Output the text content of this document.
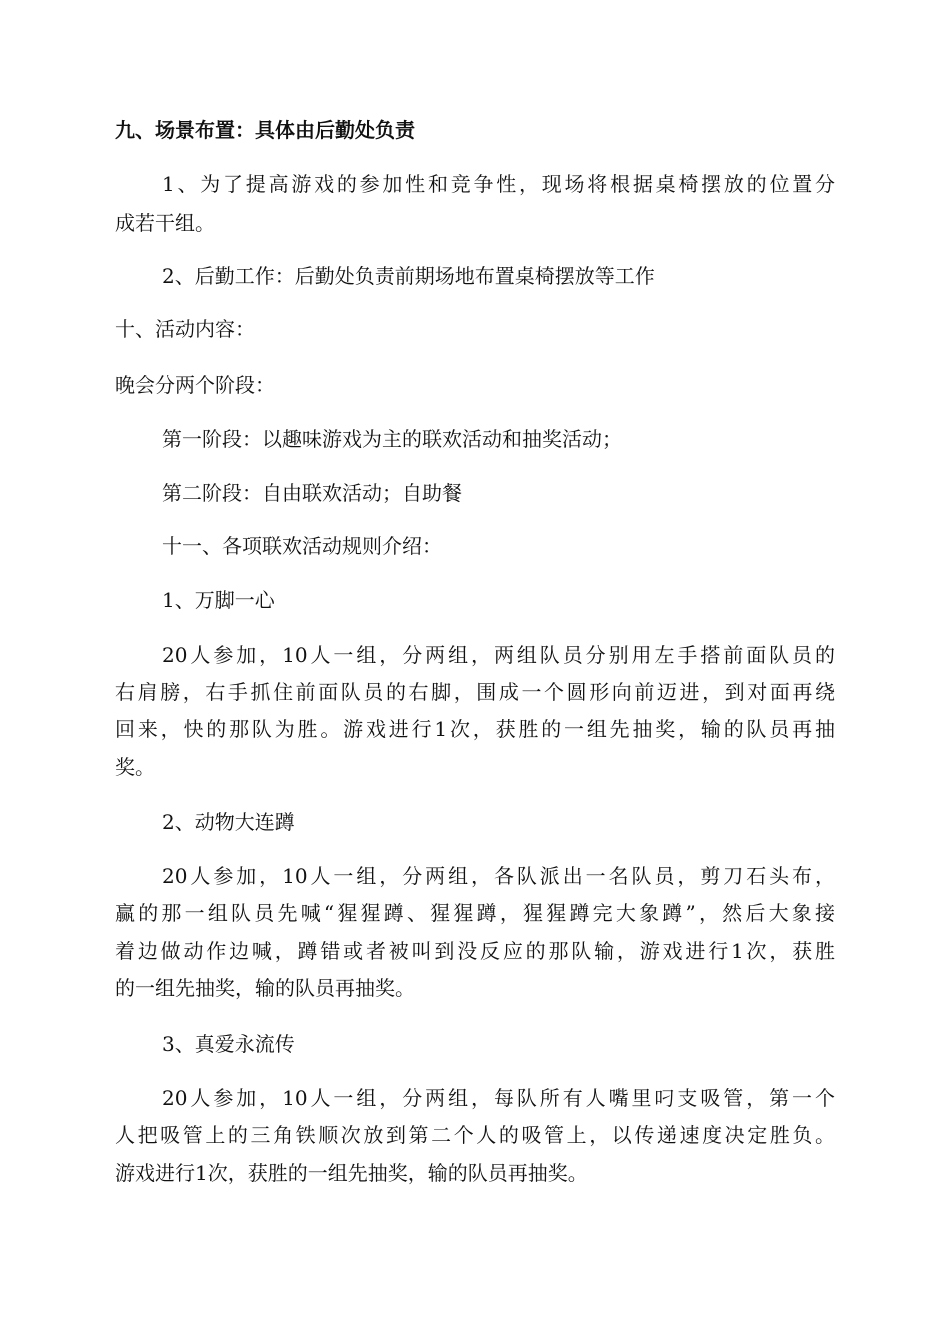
九、场景布置：具体由后勤处负责
1、为了提高游戏的参加性和竞争性，现场将根据桌椅摆放的位置分
成若干组。
2、后勤工作：后勤处负责前期场地布置桌椅摆放等工作
十、活动内容：
晚会分两个阶段：
第一阶段：以趣味游戏为主的联欢活动和抽奖活动；
第二阶段：自由联欢活动；自助餐
十一、各项联欢活动规则介绍：
1、万脚一心
20人参加，10人一组，分两组，两组队员分别用左手搭前面队员的
右肩膀，右手抓住前面队员的右脚，围成一个圆形向前迈进，到对面再绕
回来，快的那队为胜。游戏进行1次，获胜的一组先抽奖，输的队员再抽
奖。
2、动物大连蹲
20人参加，10人一组，分两组，各队派出一名队员，剪刀石头布，
赢的那一组队员先喊“猩猩蹲、猩猩蹲，猩猩蹲完大象蹲”，然后大象接
着边做动作边喊，蹲错或者被叫到没反应的那队输，游戏进行1次，获胜
的一组先抽奖，输的队员再抽奖。
3、真爱永流传
20人参加，10人一组，分两组，每队所有人嘴里叼支吸管，第一个
人把吸管上的三角铁顺次放到第二个人的吸管上，以传递速度决定胜负。
游戏进行1次，获胜的一组先抽奖，输的队员再抽奖。
